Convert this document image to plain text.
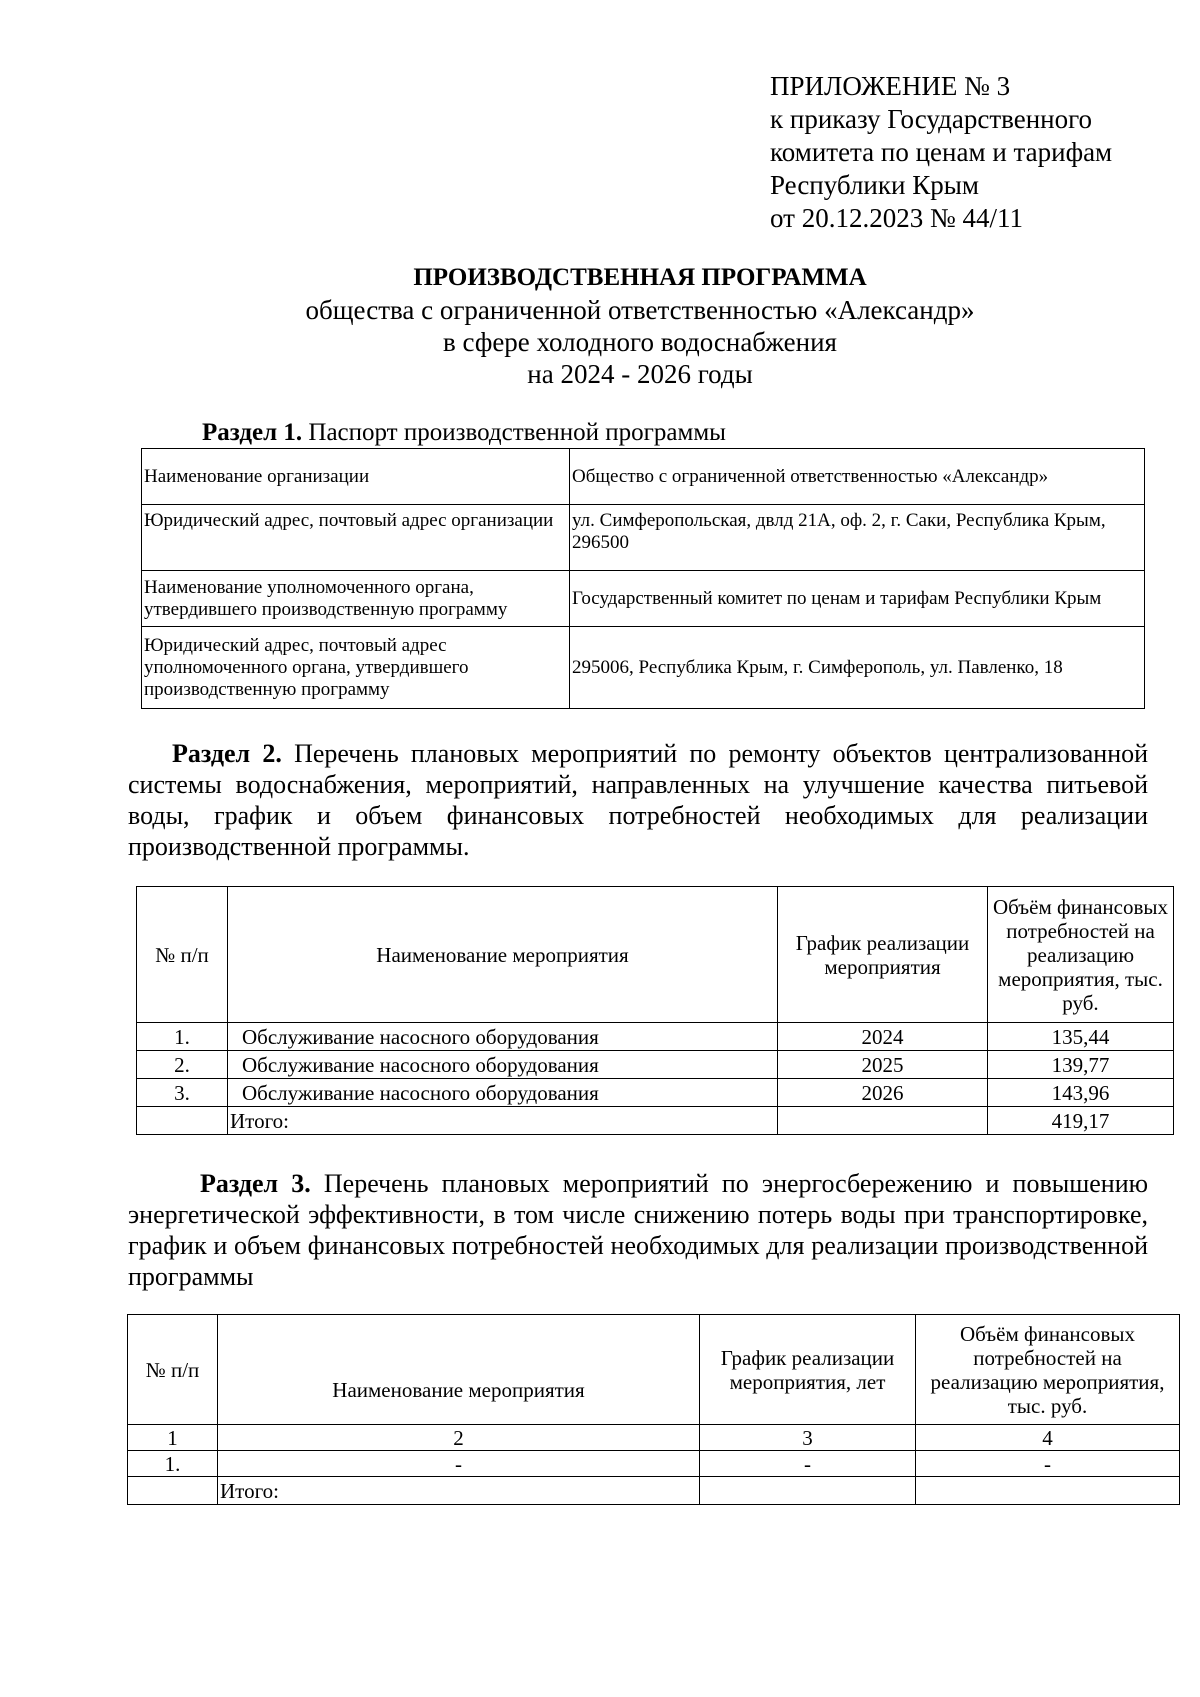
ПРИЛОЖЕНИЕ № 3
к приказу Государственного
комитета по ценам и тарифам
Республики Крым
от 20.12.2023 № 44/11
ПРОИЗВОДСТВЕННАЯ ПРОГРАММА
общества с ограниченной ответственностью «Александр»
в сфере холодного водоснабжения
на 2024 - 2026 годы
Раздел 1. Паспорт производственной программы
Наименование организации	Общество с ограниченной ответственностью «Александр»
Юридический адрес, почтовый адрес организации	ул. Симферопольская, двлд 21А, оф. 2, г. Саки, Республика Крым, 296500
Наименование уполномоченного органа, утвердившего производственную программу	Государственный комитет по ценам и тарифам Республики Крым
Юридический адрес, почтовый адрес уполномоченного органа, утвердившего производственную программу	295006, Республика Крым, г. Симферополь, ул. Павленко, 18
Раздел 2. Перечень плановых мероприятий по ремонту объектов централизованной системы водоснабжения, мероприятий, направленных на улучшение качества питьевой воды, график и объем финансовых потребностей необходимых для реализации производственной программы.
№ п/п	Наименование мероприятия	График реализации мероприятия	Объём финансовых потребностей на реализацию мероприятия, тыс. руб.
1.	Обслуживание насосного оборудования	2024	135,44
2.	Обслуживание насосного оборудования	2025	139,77
3.	Обслуживание насосного оборудования	2026	143,96
	Итого:		419,17
Раздел 3. Перечень плановых мероприятий по энергосбережению и повышению энергетической эффективности, в том числе снижению потерь воды при транспортировке, график и объем финансовых потребностей необходимых для реализации производственной программы
№ п/п	Наименование мероприятия	График реализации мероприятия, лет	Объём финансовых потребностей на реализацию мероприятия, тыс. руб.
1	2	3	4
1.	-	-	-
	Итого:		
